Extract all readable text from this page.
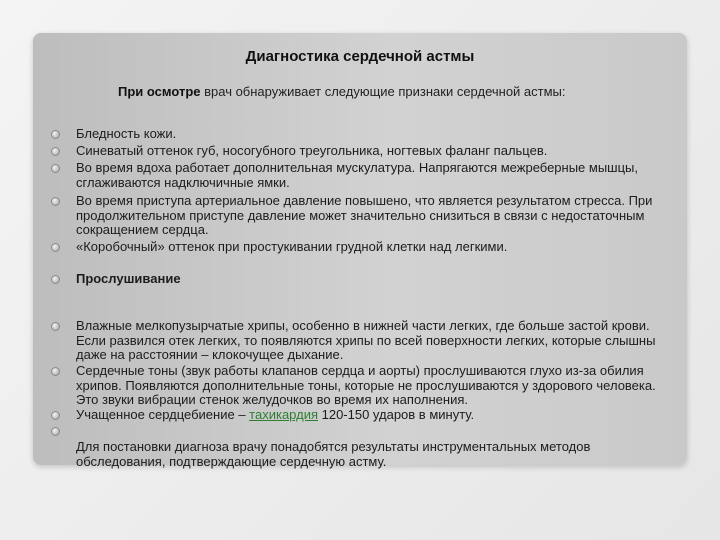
Диагностика сердечной астмы
При осмотре врач обнаруживает следующие признаки сердечной астмы:
Бледность кожи.
Синеватый оттенок губ, носогубного треугольника, ногтевых фаланг пальцев.
Во время вдоха работает дополнительная мускулатура. Напрягаются межреберные мышцы, сглаживаются надключичные ямки.
Во время приступа артериальное давление повышено, что является результатом стресса. При продолжительном приступе давление может значительно снизиться в связи с недостаточным сокращением сердца.
«Коробочный» оттенок при простукивании грудной клетки над легкими.
Прослушивание
Влажные мелкопузырчатые хрипы, особенно в нижней части легких, где больше застой крови. Если развился отек легких, то появляются хрипы по всей поверхности легких, которые слышны даже на расстоянии – клокочущее дыхание.
Сердечные тоны (звук работы клапанов сердца и аорты) прослушиваются глухо из-за обилия хрипов. Появляются дополнительные тоны, которые не прослушиваются у здорового человека. Это звуки вибрации стенок желудочков во время их наполнения.
Учащенное сердцебиение – тахикардия 120-150 ударов в минуту.
Для постановки диагноза врачу понадобятся результаты инструментальных методов обследования, подтверждающие сердечную астму.
